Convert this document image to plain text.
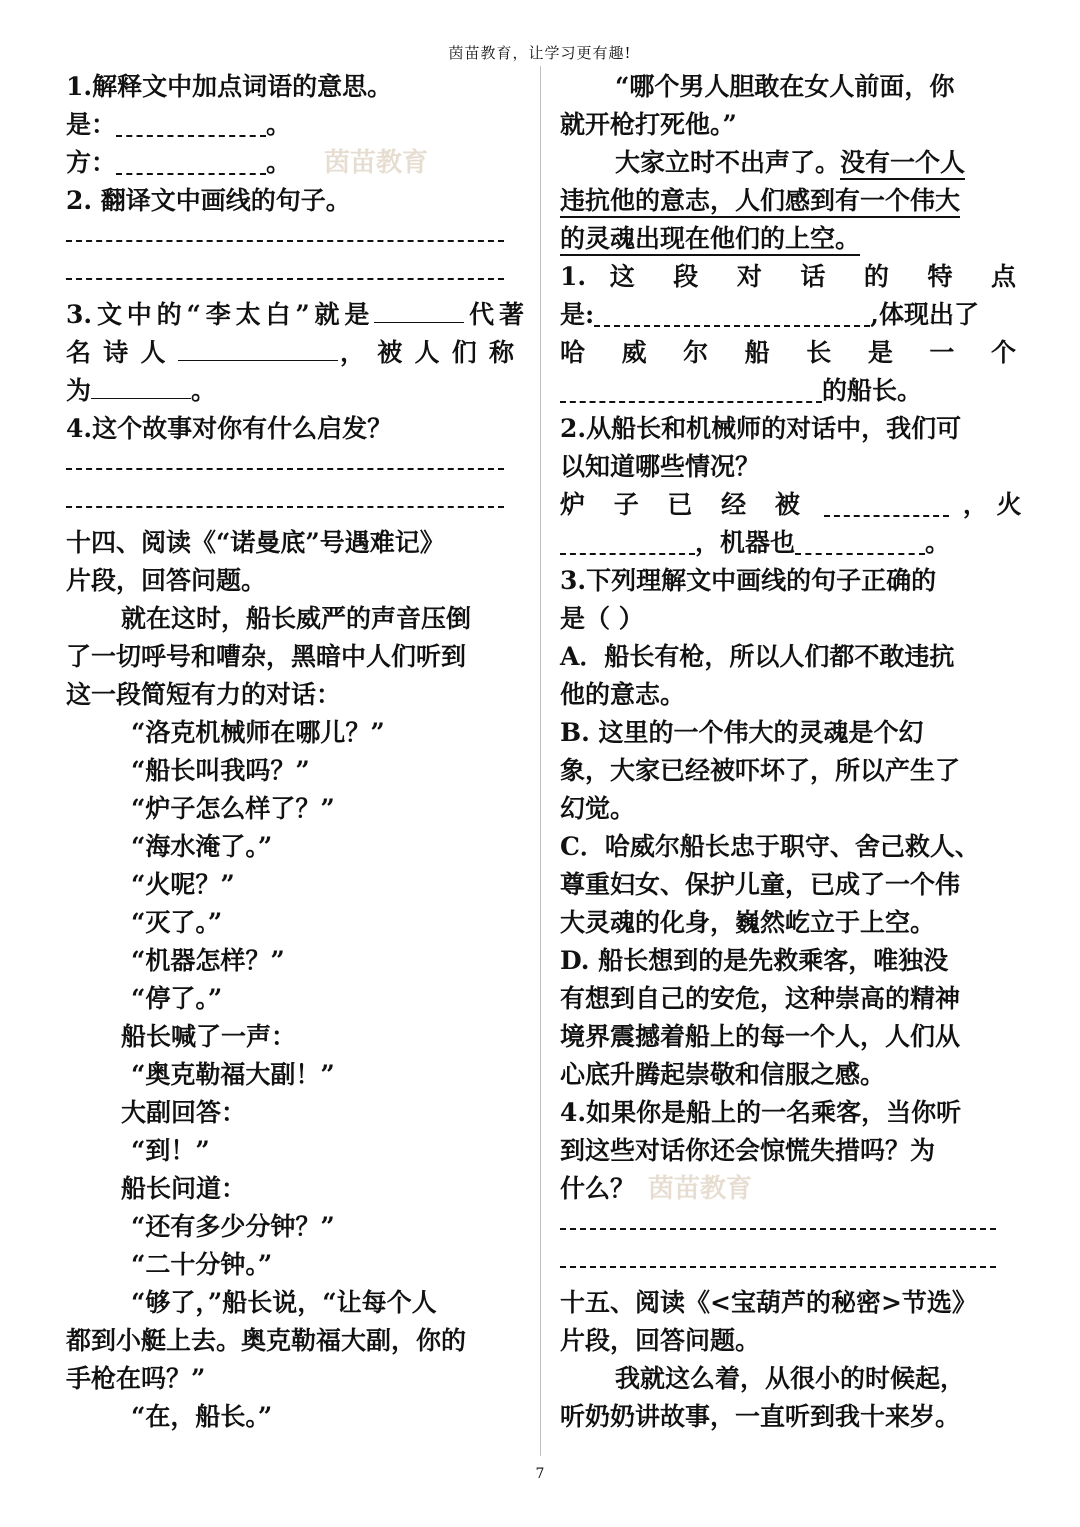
茵苗教育，让学习更有趣!
1.解释文中加点词语的意思。
是：	。
方：	。 茵苗教育
2. 翻译文中画线的句子。
3.文中的“李太白”就是	代著
名诗人	，被人们称
为	。
4.这个故事对你有什么启发？
十四、阅读《“诺曼底”号遇难记》
片段，回答问题。
就在这时，船长威严的声音压倒
了一切呼号和嘈杂，黑暗中人们听到
这一段简短有力的对话：
“洛克机械师在哪儿？”
“船长叫我吗？”
“炉子怎么样了？”
“海水淹了。”
“火呢？”
“灭了。”
“机器怎样？”
“停了。”
船长喊了一声：
“奥克勒福大副！”
大副回答：
“到！”
船长问道：
“还有多少分钟？”
“二十分钟。”
“够了，”船长说，“让每个人
都到小艇上去。奥克勒福大副，你的
手枪在吗？”
“在，船长。”
“哪个男人胆敢在女人前面，你
就开枪打死他。”
大家立时不出声了。没有一个人
违抗他的意志，人们感到有一个伟大
的灵魂出现在他们的上空。
1. 这 段 对 话 的 特 点
是:	,体现出了
哈 威 尔 船 长 是 一 个
的船长。
2.从船长和机械师的对话中，我们可
以知道哪些情况？
炉 子 已 经 被	， 火
，机器也	。
3.下列理解文中画线的句子正确的
是（ ）
A．船长有枪，所以人们都不敢违抗
他的意志。
B. 这里的一个伟大的灵魂是个幻
象，大家已经被吓坏了，所以产生了
幻觉。
C．哈威尔船长忠于职守、舍己救人、
尊重妇女、保护儿童，已成了一个伟
大灵魂的化身，巍然屹立于上空。
D. 船长想到的是先救乘客，唯独没
有想到自己的安危，这种崇高的精神
境界震撼着船上的每一个人，人们从
心底升腾起崇敬和信服之感。
4.如果你是船上的一名乘客，当你听
到这些对话你还会惊慌失措吗？为
什么？ 茵苗教育
十五、阅读《<宝葫芦的秘密>节选》
片段，回答问题。
我就这么着，从很小的时候起，
听奶奶讲故事，一直听到我十来岁。
7
